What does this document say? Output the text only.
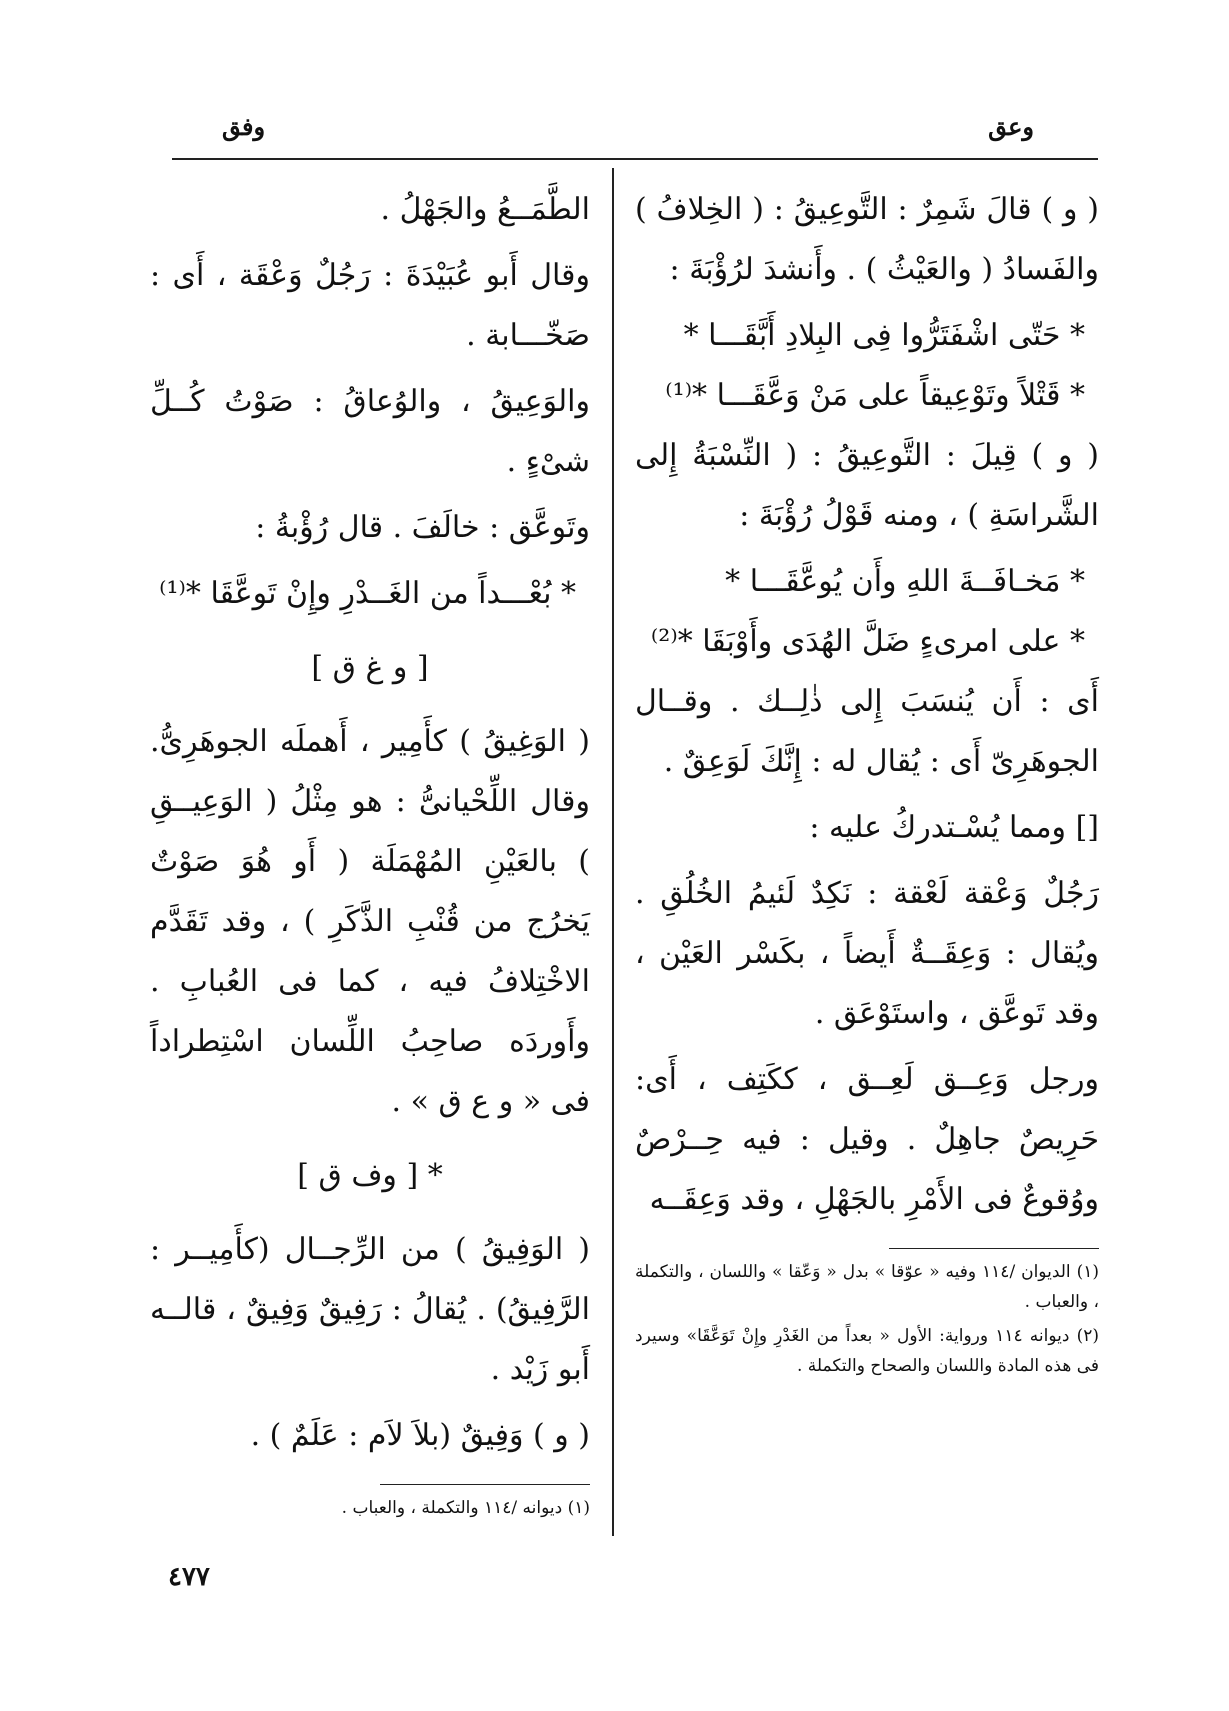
وعق
وفق

( و ) قالَ شَمِرٌ : التَّوعِيقُ : ( الخِلافُ ) والفَسادُ ( والعَيْثُ ) . وأَنشدَ لرُؤْبَةَ :

* حَتّى اشْفَتَرُّوا فِى البِلادِ أَبَّقَـــا *

* قَتْلاً وتَوْعِيقاً على مَنْ وَعَّقَـــا *⁽¹⁾

( و ) قِيلَ : التَّوعِيقُ : ( النِّسْبَةُ إِلى الشَّراسَةِ ) ، ومنه قَوْلُ رُؤْبَةَ :

* مَخـافَــةَ اللهِ وأَن يُوعَّقَـــا *

* على امرىءٍ ضَلَّ الهُدَى وأَوْبَقَا *⁽²⁾

أَى : أَن يُنسَبَ إِلى ذٰلِــك . وقــال الجوهَرِىّ أَى : يُقال له : إِنَّكَ لَوَعِقٌ .

[] ومما يُسْـتدركُ عليه :

رَجُلٌ وَعْقة لَعْقة : نَكِدٌ لَئيمُ الخُلُقِ . ويُقال : وَعِقَــةٌ أَيضاً ، بكَسْر العَيْن ، وقد تَوعَّق ، واستَوْعَق .

ورجل وَعِــق لَعِــق ، ككَتِف ، أَى: حَرِيصٌ جاهِلٌ . وقيل : فيه حِــرْصٌ ووُقوعٌ فى الأَمْرِ بالجَهْلِ ، وقد وَعِقَــه

(١) الديوان /١١٤ وفيه « عوّقا » بدل « وَعّقا » واللسان ، والتكملة ، والعباب .

(٢) ديوانه ١١٤ ورواية: الأول « بعداً من الغَدْرِ وإِنْ تَوَعَّقَا» وسيرد فى هذه المادة واللسان والصحاح والتكملة .

الطَّمَــعُ والجَهْلُ .

وقال أَبو عُبَيْدَةَ : رَجُلٌ وَعْقَة ، أَى : صَخّـــابة .

والوَعِيقُ ، والوُعاقُ : صَوْتُ كُــلِّ شىْءٍ .

وتَوعَّق : خالَفَ . قال رُؤْبةُ :

* بُعْـــداً من الغَــدْرِ وإِنْ تَوعَّقَا *⁽¹⁾

[ و غ ق ]

( الوَغِيقُ ) كأَمِير ، أَهملَه الجوهَرِىُّ. وقال اللِّحْيانىُّ : هو مِثْلُ ( الوَعِيــقِ ) بالعَيْنِ المُهْمَلَة ( أَو هُوَ صَوْتٌ يَخرُج من قُنْبِ الذَّكَرِ ) ، وقد تَقَدَّم الاخْتِلافُ فيه ، كما فى العُبابِ . وأَوردَه صاحِبُ اللِّسان اسْتِطراداً فى « و ع ق » .

* [ وف ق ]

( الوَفِيقُ ) من الرِّجــال (كأَمِيــر : الرَّفِيقُ) . يُقالُ : رَفِيقٌ وَفِيقٌ ، قالــه أَبو زَيْد .

( و ) وَفِيقٌ (بلاَ لاَم : عَلَمٌ ) .

(١) ديوانه /١١٤ والتكملة ، والعباب .

٤٧٧
